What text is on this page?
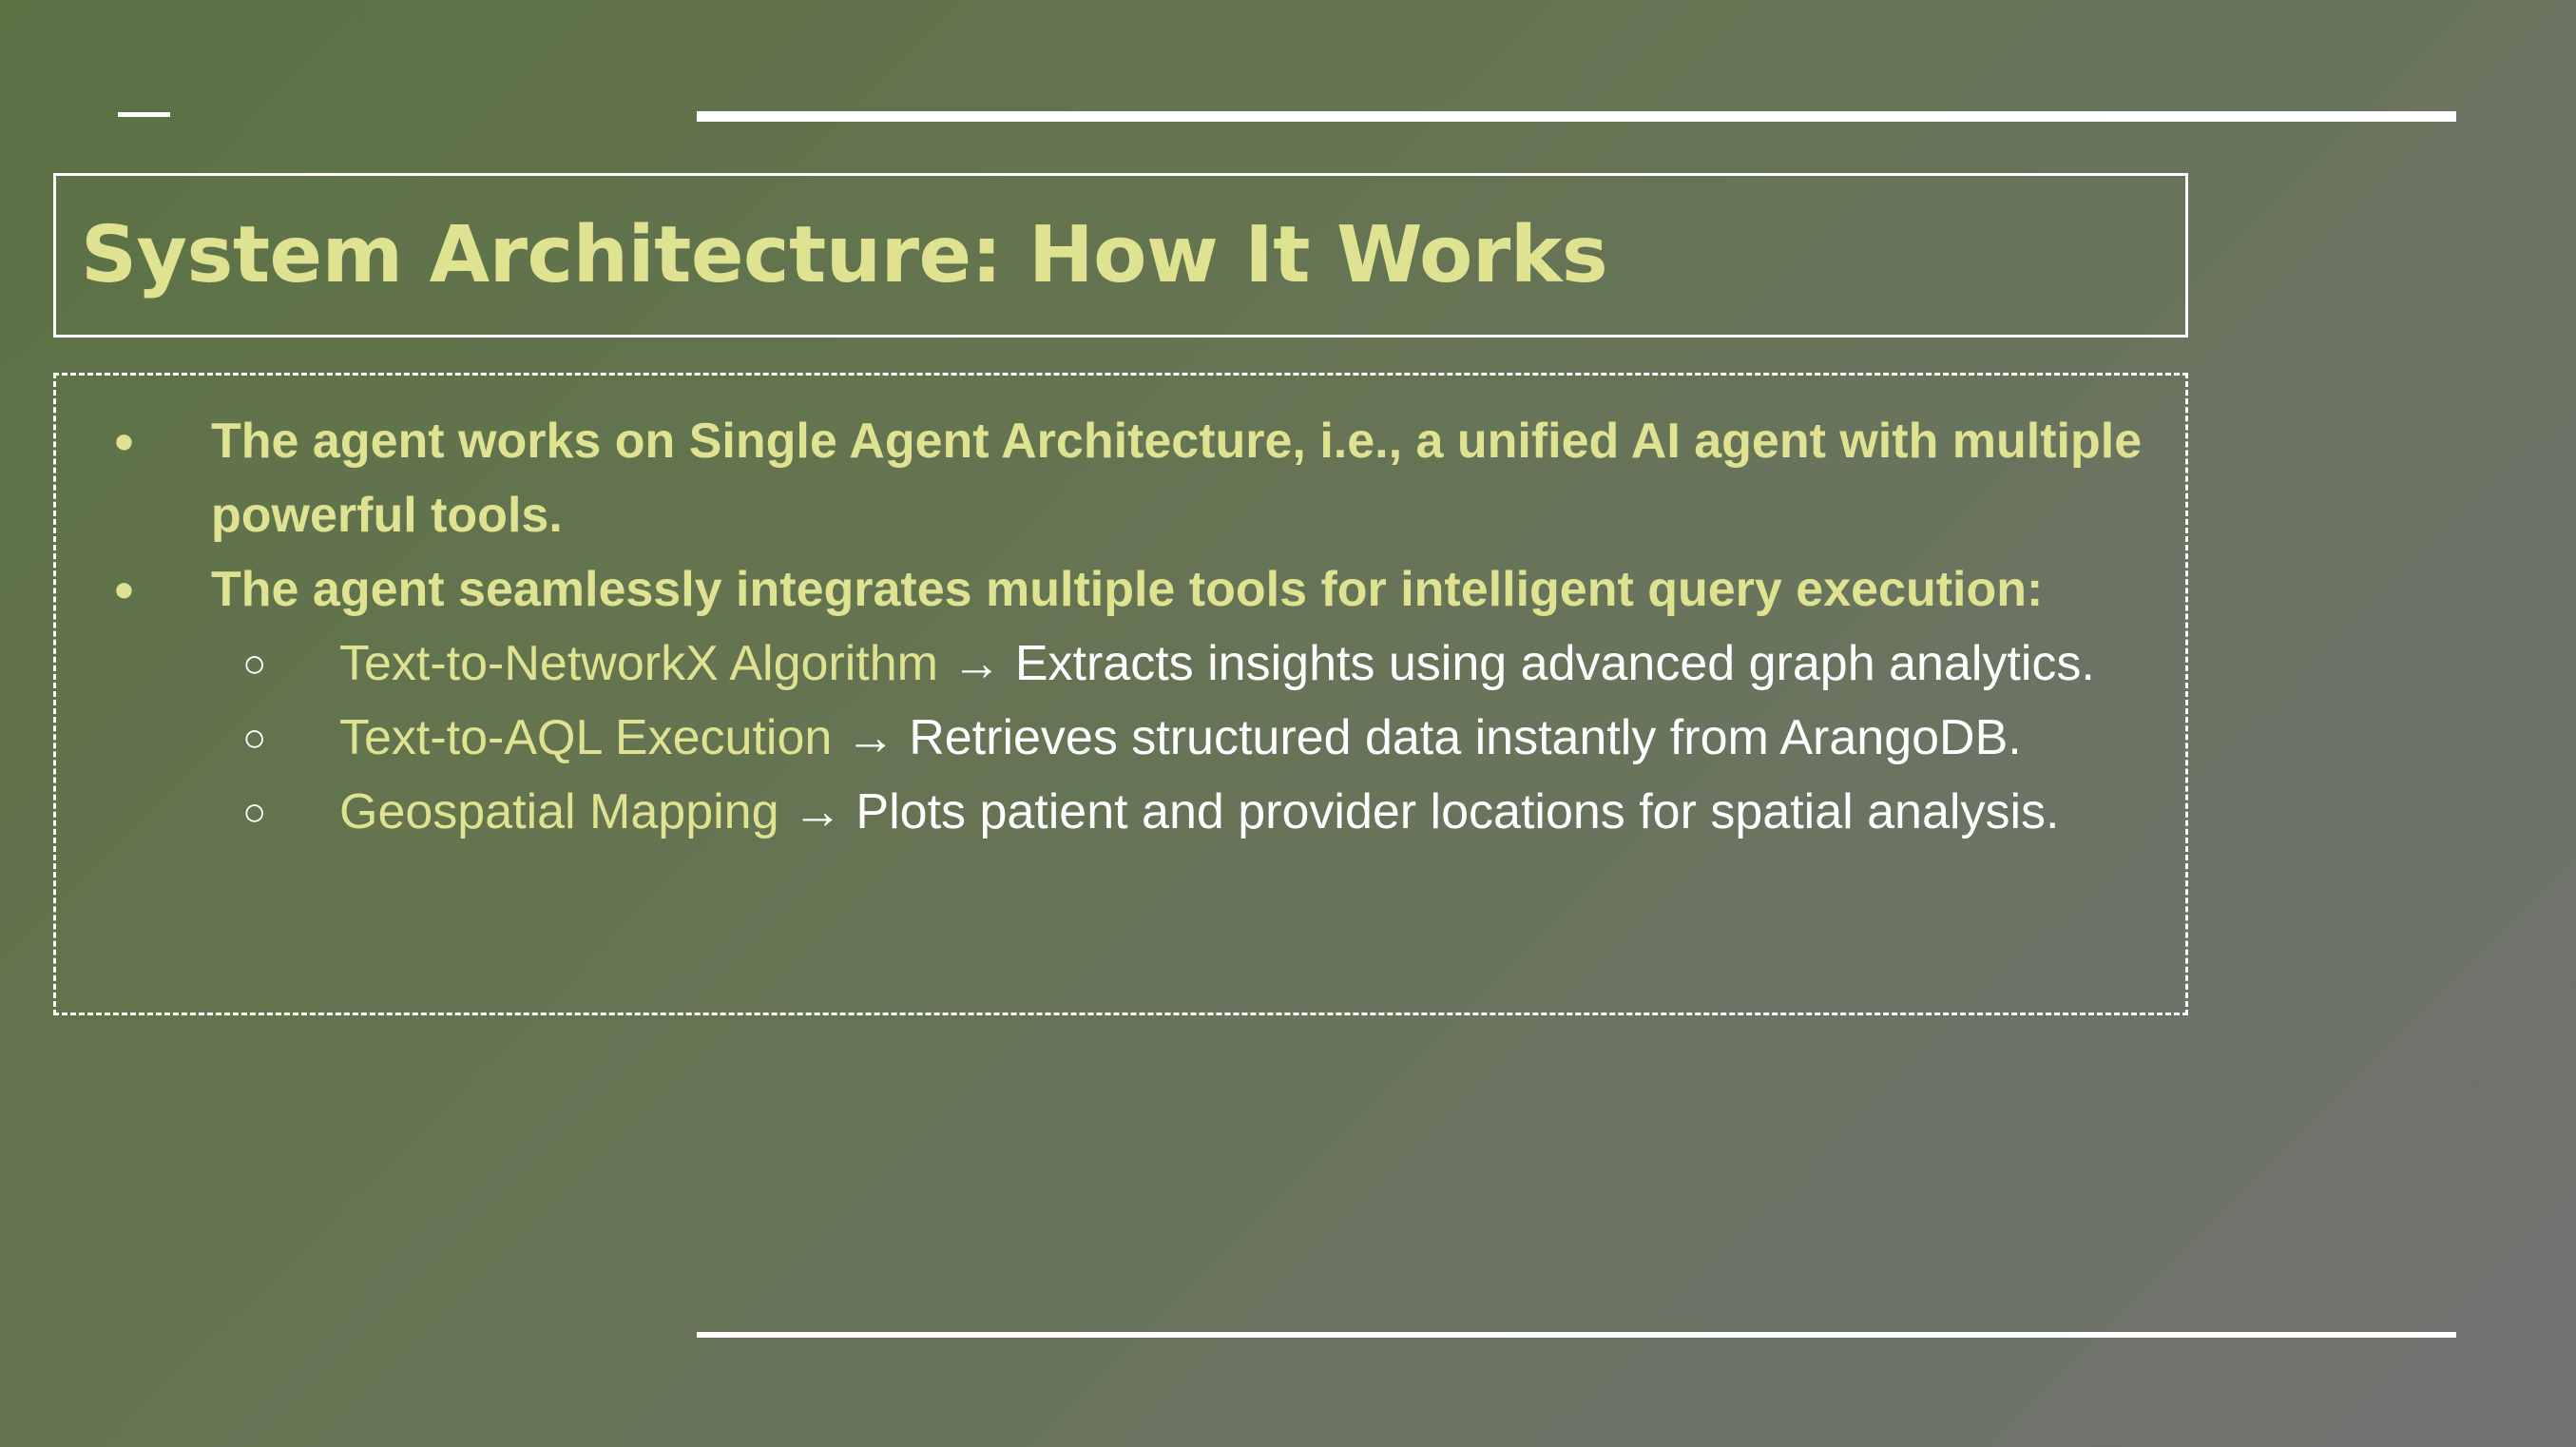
System Architecture: How It Works
● The agent works on Single Agent Architecture, i.e., a unified AI agent with multiple powerful tools.
● The agent seamlessly integrates multiple tools for intelligent query execution:
○ Text-to-NetworkX Algorithm → Extracts insights using advanced graph analytics.
○ Text-to-AQL Execution → Retrieves structured data instantly from ArangoDB.
○ Geospatial Mapping → Plots patient and provider locations for spatial analysis.
